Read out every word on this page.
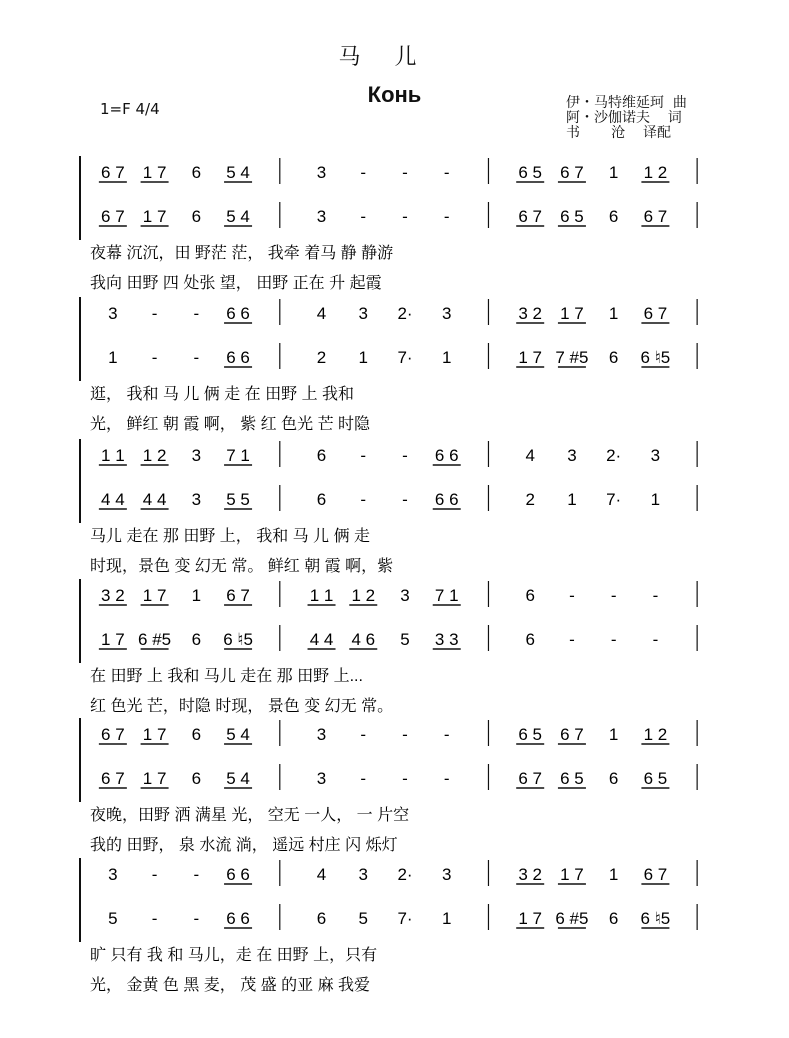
马儿
Конь
1=F 4/4	伊・马特维延珂  曲
阿・沙伽诺夫    词
书       沧    译配
6 7 1 7 6 5 4	3 - - -	6 5 6 7 1 1 2
6 7 1 7 6 5 4	3 - - -	6 7 6 5 6 6 7
夜幕 沉沉，田 野茫 茫， 我牵 着马 静 静游
我向 田野 四 处张 望， 田野 正在 升 起霞
3 - - 6 6	4 3 2· 3	3 2 1 7 1 6 7
1 - - 6 6	2 1 7· 1	1 7 7 #5 6 6 ♮5
逛， 我和 马 儿 俩 走 在 田野 上 我和
光， 鲜红 朝 霞 啊， 紫 红 色光 芒 时隐
1 1 1 2 3 7 1	6 - - 6 6	4 3 2· 3
4 4 4 4 3 5 5	6 - - 6 6	2 1 7· 1
马儿 走在 那 田野 上， 我和 马 儿 俩 走
时现，景色 变 幻无 常。 鲜红 朝 霞 啊，紫
3 2 1 7 1 6 7	1 1 1 2 3 7 1	6 - - -
1 7 6 #5 6 6 ♮5	4 4 4 6 5 3 3	6 - - -
在 田野 上 我和 马儿 走在 那 田野 上...
红 色光 芒，时隐 时现， 景色 变 幻无 常。
6 7 1 7 6 5 4	3 - - -	6 5 6 7 1 1 2
6 7 1 7 6 5 4	3 - - -	6 7 6 5 6 6 5
夜晚，田野 洒 满星 光， 空无 一人， 一 片空
我的 田野， 泉 水流 淌， 遥远 村庄 闪 烁灯
3 - - 6 6	4 3 2· 3	3 2 1 7 1 6 7
5 - - 6 6	6 5 7· 1	1 7 6 #5 6 6 ♮5
旷 只有 我 和 马儿，走 在 田野 上，只有
光， 金黄 色 黑 麦， 茂 盛 的亚 麻 我爱
